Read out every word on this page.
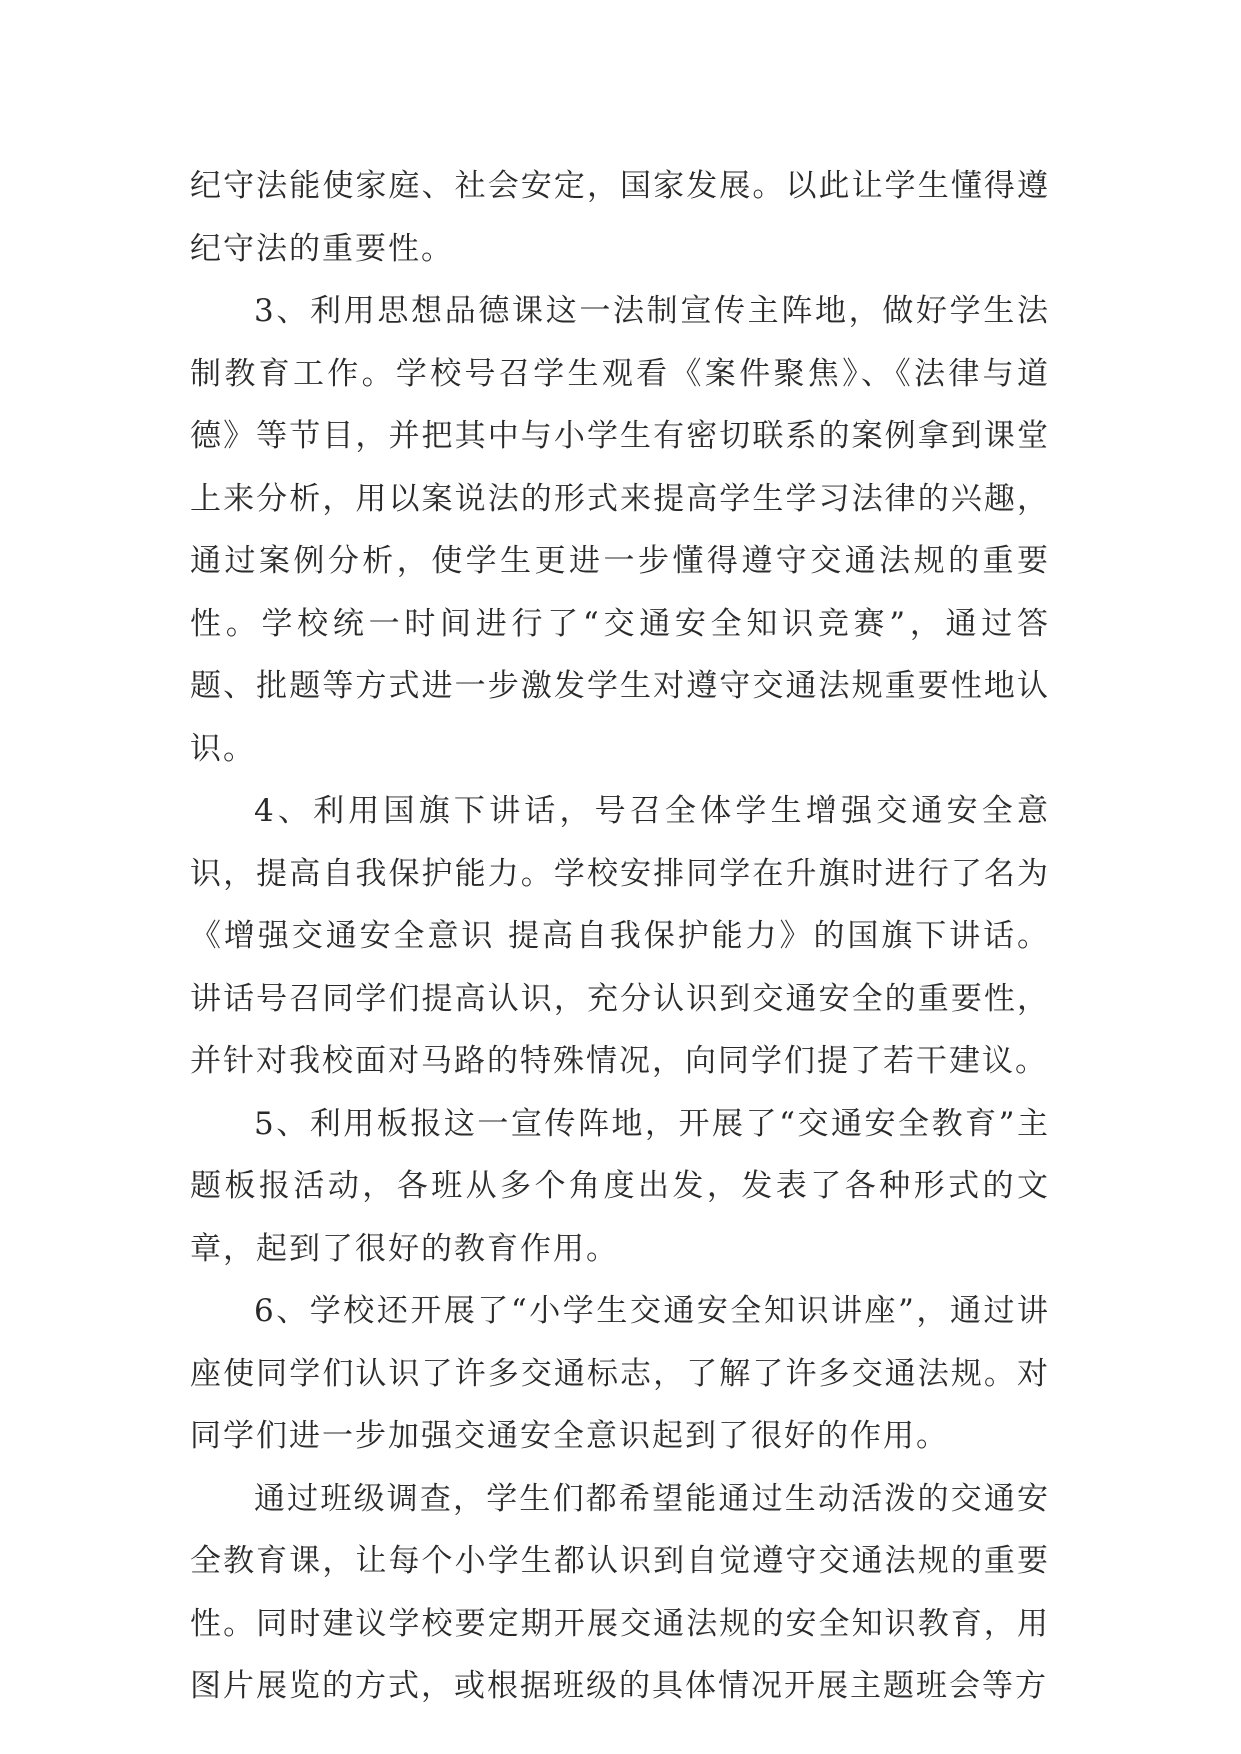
纪守法能使家庭、社会安定，国家发展。以此让学生懂得遵纪守法的重要性。

3、利用思想品德课这一法制宣传主阵地，做好学生法制教育工作。学校号召学生观看《案件聚焦》、《法律与道德》等节目，并把其中与小学生有密切联系的案例拿到课堂上来分析，用以案说法的形式来提高学生学习法律的兴趣，通过案例分析，使学生更进一步懂得遵守交通法规的重要性。学校统一时间进行了“交通安全知识竞赛”，通过答题、批题等方式进一步激发学生对遵守交通法规重要性地认识。

4、利用国旗下讲话，号召全体学生增强交通安全意识，提高自我保护能力。学校安排同学在升旗时进行了名为《增强交通安全意识 提高自我保护能力》的国旗下讲话。讲话号召同学们提高认识，充分认识到交通安全的重要性，并针对我校面对马路的特殊情况，向同学们提了若干建议。

5、利用板报这一宣传阵地，开展了“交通安全教育”主题板报活动，各班从多个角度出发，发表了各种形式的文章，起到了很好的教育作用。

6、学校还开展了“小学生交通安全知识讲座”，通过讲座使同学们认识了许多交通标志，了解了许多交通法规。对同学们进一步加强交通安全意识起到了很好的作用。

通过班级调查，学生们都希望能通过生动活泼的交通安全教育课，让每个小学生都认识到自觉遵守交通法规的重要性。同时建议学校要定期开展交通法规的安全知识教育，用图片展览的方式，或根据班级的具体情况开展主题班会等方
